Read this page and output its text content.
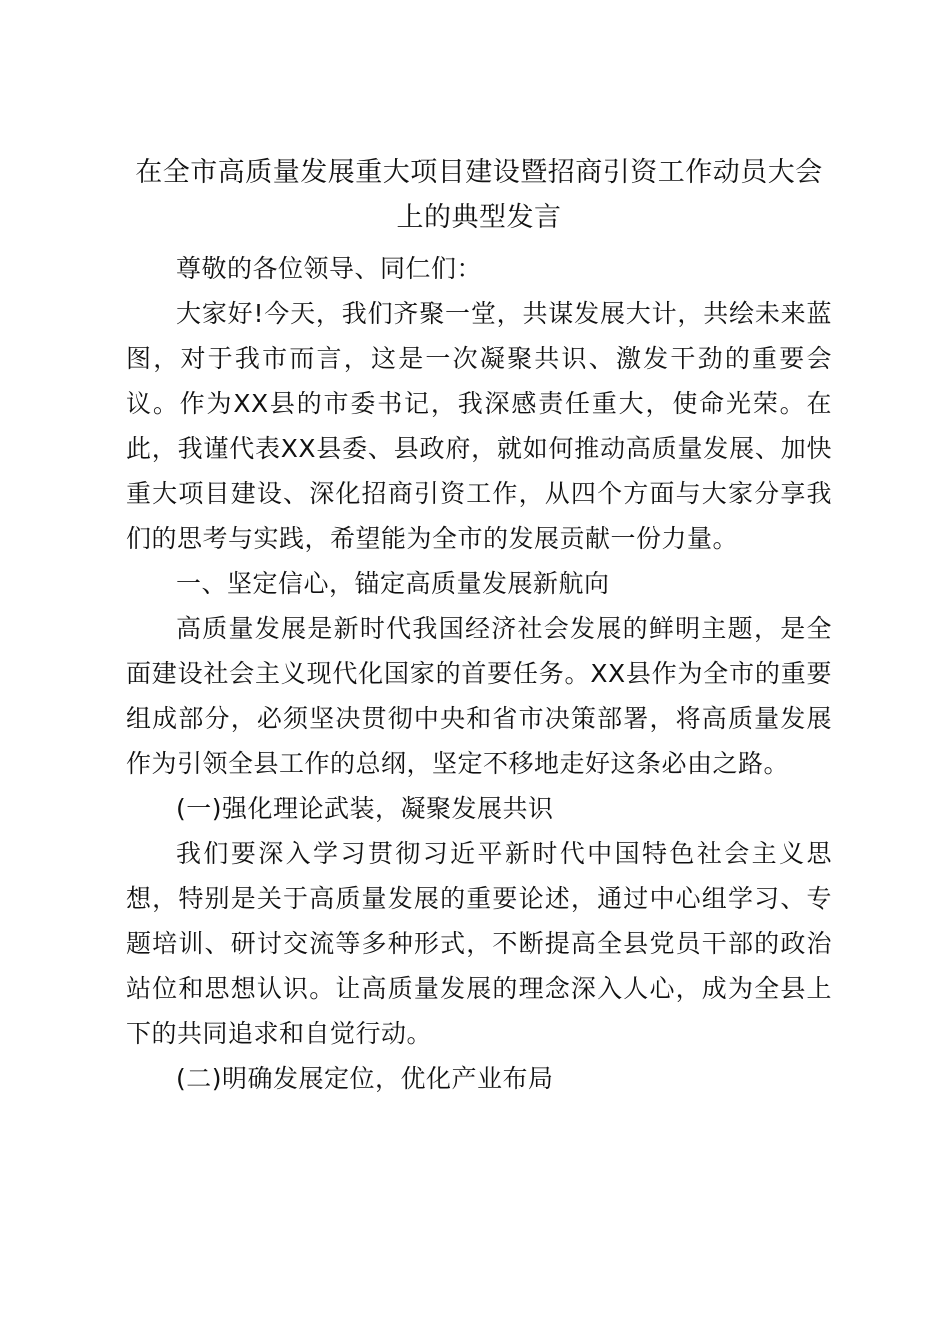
在全市高质量发展重大项目建设暨招商引资工作动员大会上的典型发言

尊敬的各位领导、同仁们：

大家好!今天，我们齐聚一堂，共谋发展大计，共绘未来蓝图，对于我市而言，这是一次凝聚共识、激发干劲的重要会议。作为XX县的市委书记，我深感责任重大，使命光荣。在此，我谨代表XX县委、县政府，就如何推动高质量发展、加快重大项目建设、深化招商引资工作，从四个方面与大家分享我们的思考与实践，希望能为全市的发展贡献一份力量。

一、坚定信心，锚定高质量发展新航向

高质量发展是新时代我国经济社会发展的鲜明主题，是全面建设社会主义现代化国家的首要任务。XX县作为全市的重要组成部分，必须坚决贯彻中央和省市决策部署，将高质量发展作为引领全县工作的总纲，坚定不移地走好这条必由之路。

(一)强化理论武装，凝聚发展共识

我们要深入学习贯彻习近平新时代中国特色社会主义思想，特别是关于高质量发展的重要论述，通过中心组学习、专题培训、研讨交流等多种形式，不断提高全县党员干部的政治站位和思想认识。让高质量发展的理念深入人心，成为全县上下的共同追求和自觉行动。

(二)明确发展定位，优化产业布局
